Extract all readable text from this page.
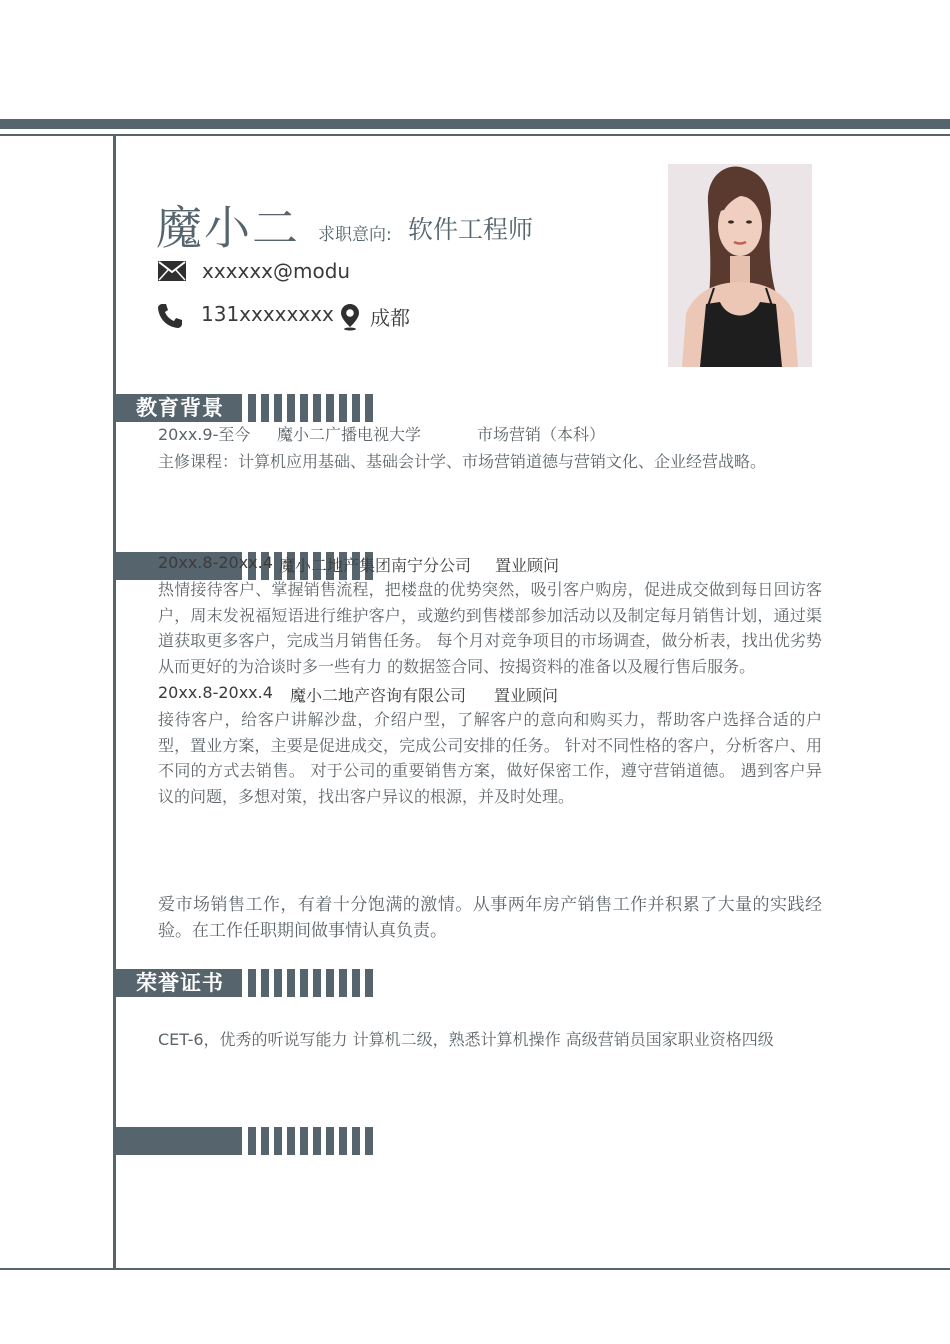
魔小二 求职意向: 软件工程师
xxxxxx@modu
131xxxxxxxx 成都
教育背景
20xx.9-至今 魔小二广播电视大学	市场营销（本科）
主修课程：计算机应用基础、基础会计学、市场营销道德与营销文化、企业经营战略。
20xx.8-20xx.4 魔小二地产集团南宁分公司 置业顾问
热情接待客户、掌握销售流程，把楼盘的优势突然，吸引客户购房，促进成交做到每日回访客户，周末发祝福短语进行维护客户，或邀约到售楼部参加活动以及制定每月销售计划，通过渠道获取更多客户，完成当月销售任务。 每个月对竞争项目的市场调查，做分析表，找出优劣势从而更好的为洽谈时多一些有力 的数据签合同、按揭资料的准备以及履行售后服务。
20xx.8-20xx.4 魔小二地产咨询有限公司 置业顾问
接待客户，给客户讲解沙盘，介绍户型，了解客户的意向和购买力，帮助客户选择合适的户型，置业方案，主要是促进成交，完成公司安排的任务。 针对不同性格的客户，分析客户、用不同的方式去销售。 对于公司的重要销售方案，做好保密工作，遵守营销道德。 遇到客户异议的问题，多想对策，找出客户异议的根源，并及时处理。
爱市场销售工作，有着十分饱满的激情。从事两年房产销售工作并积累了大量的实践经验。在工作任职期间做事情认真负责。
荣誉证书
CET-6，优秀的听说写能力 计算机二级，熟悉计算机操作 高级营销员国家职业资格四级
